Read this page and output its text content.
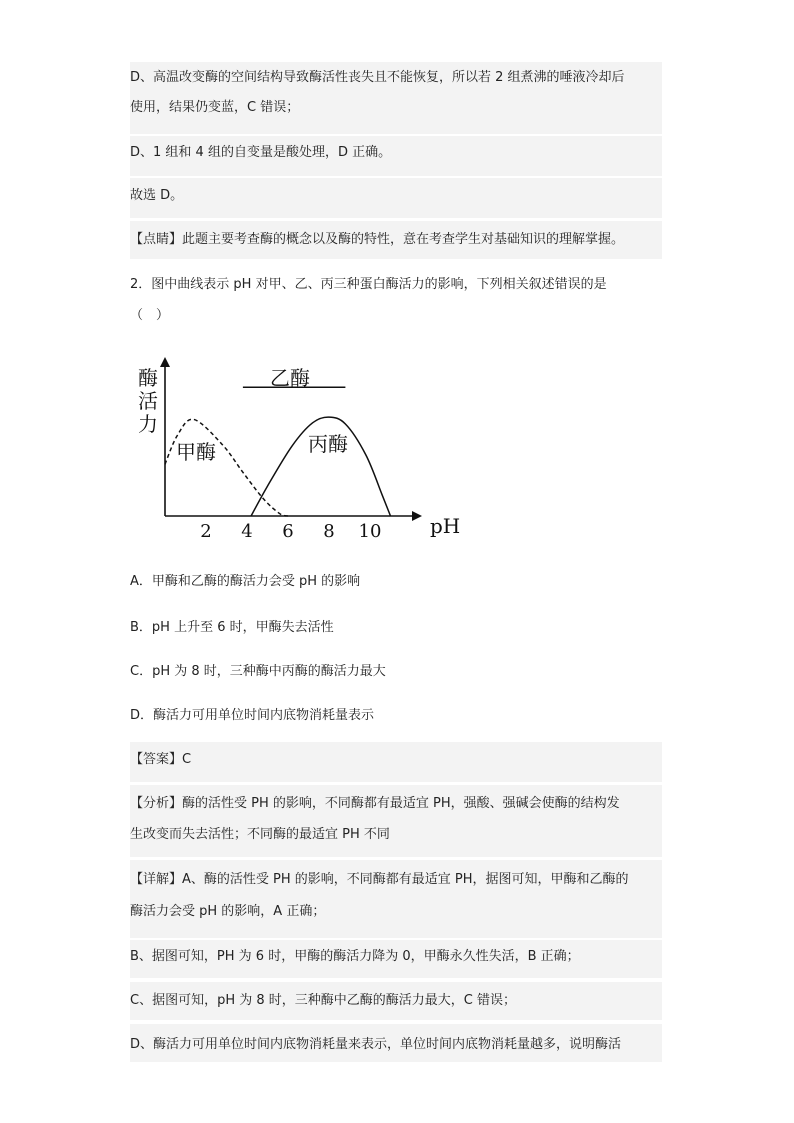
D、高温改变酶的空间结构导致酶活性丧失且不能恢复，所以若 2 组煮沸的唾液冷却后
使用，结果仍变蓝，C 错误；
D、1 组和 4 组的自变量是酸处理，D 正确。
故选 D。
【点睛】此题主要考查酶的概念以及酶的特性，意在考查学生对基础知识的理解掌握。
2．图中曲线表示 pH 对甲、乙、丙三种蛋白酶活力的影响，下列相关叙述错误的是
（　）
酶
活
力
2 4 6 8 10 pH
甲酶	丙酶
乙酶
A．甲酶和乙酶的酶活力会受 pH 的影响
B．pH 上升至 6 时，甲酶失去活性
C．pH 为 8 时，三种酶中丙酶的酶活力最大
D．酶活力可用单位时间内底物消耗量表示
【答案】C
【分析】酶的活性受 PH 的影响，不同酶都有最适宜 PH，强酸、强碱会使酶的结构发
生改变而失去活性；不同酶的最适宜 PH 不同
【详解】A、酶的活性受 PH 的影响，不同酶都有最适宜 PH，据图可知，甲酶和乙酶的
酶活力会受 pH 的影响，A 正确；
B、据图可知，PH 为 6 时，甲酶的酶活力降为 0，甲酶永久性失活，B 正确；
C、据图可知，pH 为 8 时，三种酶中乙酶的酶活力最大，C 错误；
D、酶活力可用单位时间内底物消耗量来表示，单位时间内底物消耗量越多，说明酶活
